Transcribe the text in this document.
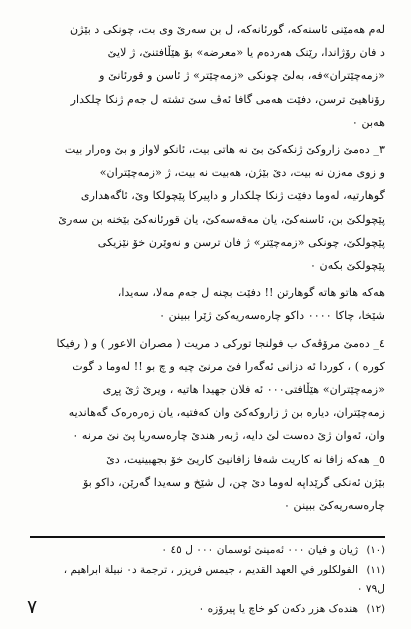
لەم هەمێنی ئاسنەکە، گورئانەکە، ل بن سەرێ وی بت، چونکی د بێژن

د فان رۆژاندا، رێنک هەردەم یا «معرضە» بۆ هێڵافتنێ، ژ لایێ

«زمەچێتران»فە، بەلێ چونکی «زمەچێتر» ژ ئاسن و قورئانێ و

رۆناهیێ ترسن، دفێت هەمی گافا ئەڤ سێ تشتە ل جەم ژنکا چلکدار

هەبن ٠

٣_ دەمێ زاروکێ ژنکەکێ بێ نە هاتی بیت، ئانکو لاواز و بێ وەرار بیت

و زوی مەزن نە بیت، دێ بێژن، هەبیت نە بیت، ژ «زمەچێتران»

گوهارتیە، لەوما دفێت ژنکا چلکدار و داپیرکا پێچولکا وێ، ئاگەهداری

پێچولکێ بن، ئاسنەکێ، یان مەقەسەکێ، یان قورئانەکێ بێخنە بن سەرێ

پێچولکێ، چونکی «زمەچێتر» ژ فان ترسن و نەوێرن خۆ نێزیکی

پێچولکێ بکەن ٠

هەکە هاتو هاتە گوهارتن !! دفێت بچنە ل جەم مەلا، سەیدا،

شێخا، چاکا ٠٠٠٠ داکو چارەسەریەکێ ژێرا ببینن ٠

٤_ دەمێ مرۆڤەک ب فولنجا تورکی د مریت ( مصران الاعور ) و ( رفیکا

کوره ) ، کوردا ئە دزانی ئەگەرا فێ مرنێ چیە و چ بو !! لەوما د گوت

«زمەچێتران» هێڵافتی٠٠٠ ئە فلان جهیدا هاتیە ، ویرێ ژێ پڕی

زمەچێتران، دیارە بن ژ زاروکەکێ وان کەفتیە، یان زەرەرەک گەهاندیە

وان، ئەوان ژێ دەست لێ دایە، ژبەر هندێ چارەسەریا پێ نێ مرنە ٠

٥_ هەکە زافا نە کاریت شەفا زافانیێ کاریێ خۆ بجهبینیت، دێ

بێژن ئەنکی گرێداپە لەوما دێ چن، ل شێخ و سەیدا گەرێن، داکو بۆ

چارەسەریەکێ ببینن ٠

(١٠) ژیان و فیان ٠٠٠ ئەمینێ ئوسمان ٠٠٠ ل ٤٥ ٠

(١١) الفولكلور في العهد القديم ، جیمس فریزر ، ترجمة د٠ نبیلة ابراهیم ،

ل٧٩ ٠

(١٢) هندەک هزر دکەن کو خاچ یا پیرۆزە ٠

٧
